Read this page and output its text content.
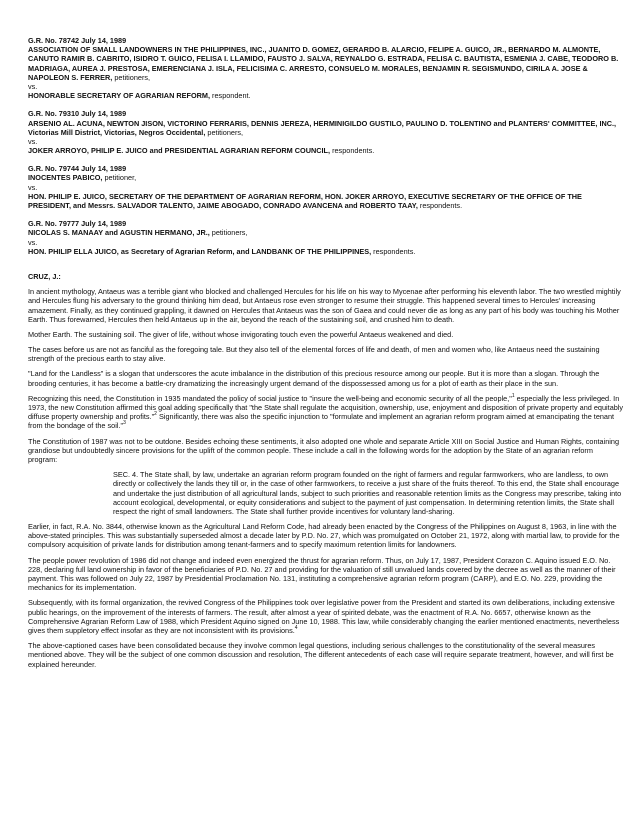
G.R. No. 78742 July 14, 1989

ASSOCIATION OF SMALL LANDOWNERS IN THE PHILIPPINES, INC., JUANITO D. GOMEZ, GERARDO B. ALARCIO, FELIPE A. GUICO, JR., BERNARDO M. ALMONTE, CANUTO RAMIR B. CABRITO, ISIDRO T. GUICO, FELISA I. LLAMIDO, FAUSTO J. SALVA, REYNALDO G. ESTRADA, FELISA C. BAUTISTA, ESMENIA J. CABE, TEODORO B. MADRIAGA, AUREA J. PRESTOSA, EMERENCIANA J. ISLA, FELICISIMA C. ARRESTO, CONSUELO M. MORALES, BENJAMIN R. SEGISMUNDO, CIRILA A. JOSE & NAPOLEON S. FERRER, petitioners,

vs.

HONORABLE SECRETARY OF AGRARIAN REFORM, respondent.

G.R. No. 79310 July 14, 1989

ARSENIO AL. ACUNA, NEWTON JISON, VICTORINO FERRARIS, DENNIS JEREZA, HERMINIGILDO GUSTILO, PAULINO D. TOLENTINO and PLANTERS' COMMITTEE, INC., Victorias Mill District, Victorias, Negros Occidental, petitioners,

vs.

JOKER ARROYO, PHILIP E. JUICO and PRESIDENTIAL AGRARIAN REFORM COUNCIL, respondents.

G.R. No. 79744 July 14, 1989

INOCENTES PABICO, petitioner,

vs.

HON. PHILIP E. JUICO, SECRETARY OF THE DEPARTMENT OF AGRARIAN REFORM, HON. JOKER ARROYO, EXECUTIVE SECRETARY OF THE OFFICE OF THE PRESIDENT, and Messrs. SALVADOR TALENTO, JAIME ABOGADO, CONRADO AVANCENA and ROBERTO TAAY, respondents.

G.R. No. 79777 July 14, 1989

NICOLAS S. MANAAY and AGUSTIN HERMANO, JR., petitioners,

vs.

HON. PHILIP ELLA JUICO, as Secretary of Agrarian Reform, and LANDBANK OF THE PHILIPPINES, respondents.

CRUZ, J.:

In ancient mythology, Antaeus was a terrible giant who blocked and challenged Hercules for his life on his way to Mycenae after performing his eleventh labor. The two wrestled mightily and Hercules flung his adversary to the ground thinking him dead, but Antaeus rose even stronger to resume their struggle. This happened several times to Hercules' increasing amazement. Finally, as they continued grappling, it dawned on Hercules that Antaeus was the son of Gaea and could never die as long as any part of his body was touching his Mother Earth. Thus forewarned, Hercules then held Antaeus up in the air, beyond the reach of the sustaining soil, and crushed him to death.

Mother Earth. The sustaining soil. The giver of life, without whose invigorating touch even the powerful Antaeus weakened and died.

The cases before us are not as fanciful as the foregoing tale. But they also tell of the elemental forces of life and death, of men and women who, like Antaeus need the sustaining strength of the precious earth to stay alive.

"Land for the Landless" is a slogan that underscores the acute imbalance in the distribution of this precious resource among our people. But it is more than a slogan. Through the brooding centuries, it has become a battle-cry dramatizing the increasingly urgent demand of the dispossessed among us for a plot of earth as their place in the sun.

Recognizing this need, the Constitution in 1935 mandated the policy of social justice to "insure the well-being and economic security of all the people,"$^1$ especially the less privileged. In 1973, the new Constitution affirmed this goal adding specifically that "the State shall regulate the acquisition, ownership, use, enjoyment and disposition of private property and equitably diffuse property ownership and profits."$^2$ Significantly, there was also the specific injunction to "formulate and implement an agrarian reform program aimed at emancipating the tenant from the bondage of the soil."$^3$

The Constitution of 1987 was not to be outdone. Besides echoing these sentiments, it also adopted one whole and separate Article XIII on Social Justice and Human Rights, containing grandiose but undoubtedly sincere provisions for the uplift of the common people. These include a call in the following words for the adoption by the State of an agrarian reform program:

SEC. 4. The State shall, by law, undertake an agrarian reform program founded on the right of farmers and regular farmworkers, who are landless, to own directly or collectively the lands they till or, in the case of other farmworkers, to receive a just share of the fruits thereof. To this end, the State shall encourage and undertake the just distribution of all agricultural lands, subject to such priorities and reasonable retention limits as the Congress may prescribe, taking into account ecological, developmental, or equity considerations and subject to the payment of just compensation. In determining retention limits, the State shall respect the right of small landowners. The State shall further provide incentives for voluntary land-sharing.

Earlier, in fact, R.A. No. 3844, otherwise known as the Agricultural Land Reform Code, had already been enacted by the Congress of the Philippines on August 8, 1963, in line with the above-stated principles. This was substantially superseded almost a decade later by P.D. No. 27, which was promulgated on October 21, 1972, along with martial law, to provide for the compulsory acquisition of private lands for distribution among tenant-farmers and to specify maximum retention limits for landowners.

The people power revolution of 1986 did not change and indeed even energized the thrust for agrarian reform. Thus, on July 17, 1987, President Corazon C. Aquino issued E.O. No. 228, declaring full land ownership in favor of the beneficiaries of P.D. No. 27 and providing for the valuation of still unvalued lands covered by the decree as well as the manner of their payment. This was followed on July 22, 1987 by Presidential Proclamation No. 131, instituting a comprehensive agrarian reform program (CARP), and E.O. No. 229, providing the mechanics for its implementation.

Subsequently, with its formal organization, the revived Congress of the Philippines took over legislative power from the President and started its own deliberations, including extensive public hearings, on the improvement of the interests of farmers. The result, after almost a year of spirited debate, was the enactment of R.A. No. 6657, otherwise known as the Comprehensive Agrarian Reform Law of 1988, which President Aquino signed on June 10, 1988. This law, while considerably changing the earlier mentioned enactments, nevertheless gives them suppletory effect insofar as they are not inconsistent with its provisions.$^4$

The above-captioned cases have been consolidated because they involve common legal questions, including serious challenges to the constitutionality of the several measures mentioned above. They will be the subject of one common discussion and resolution, The different antecedents of each case will require separate treatment, however, and will first be explained hereunder.
